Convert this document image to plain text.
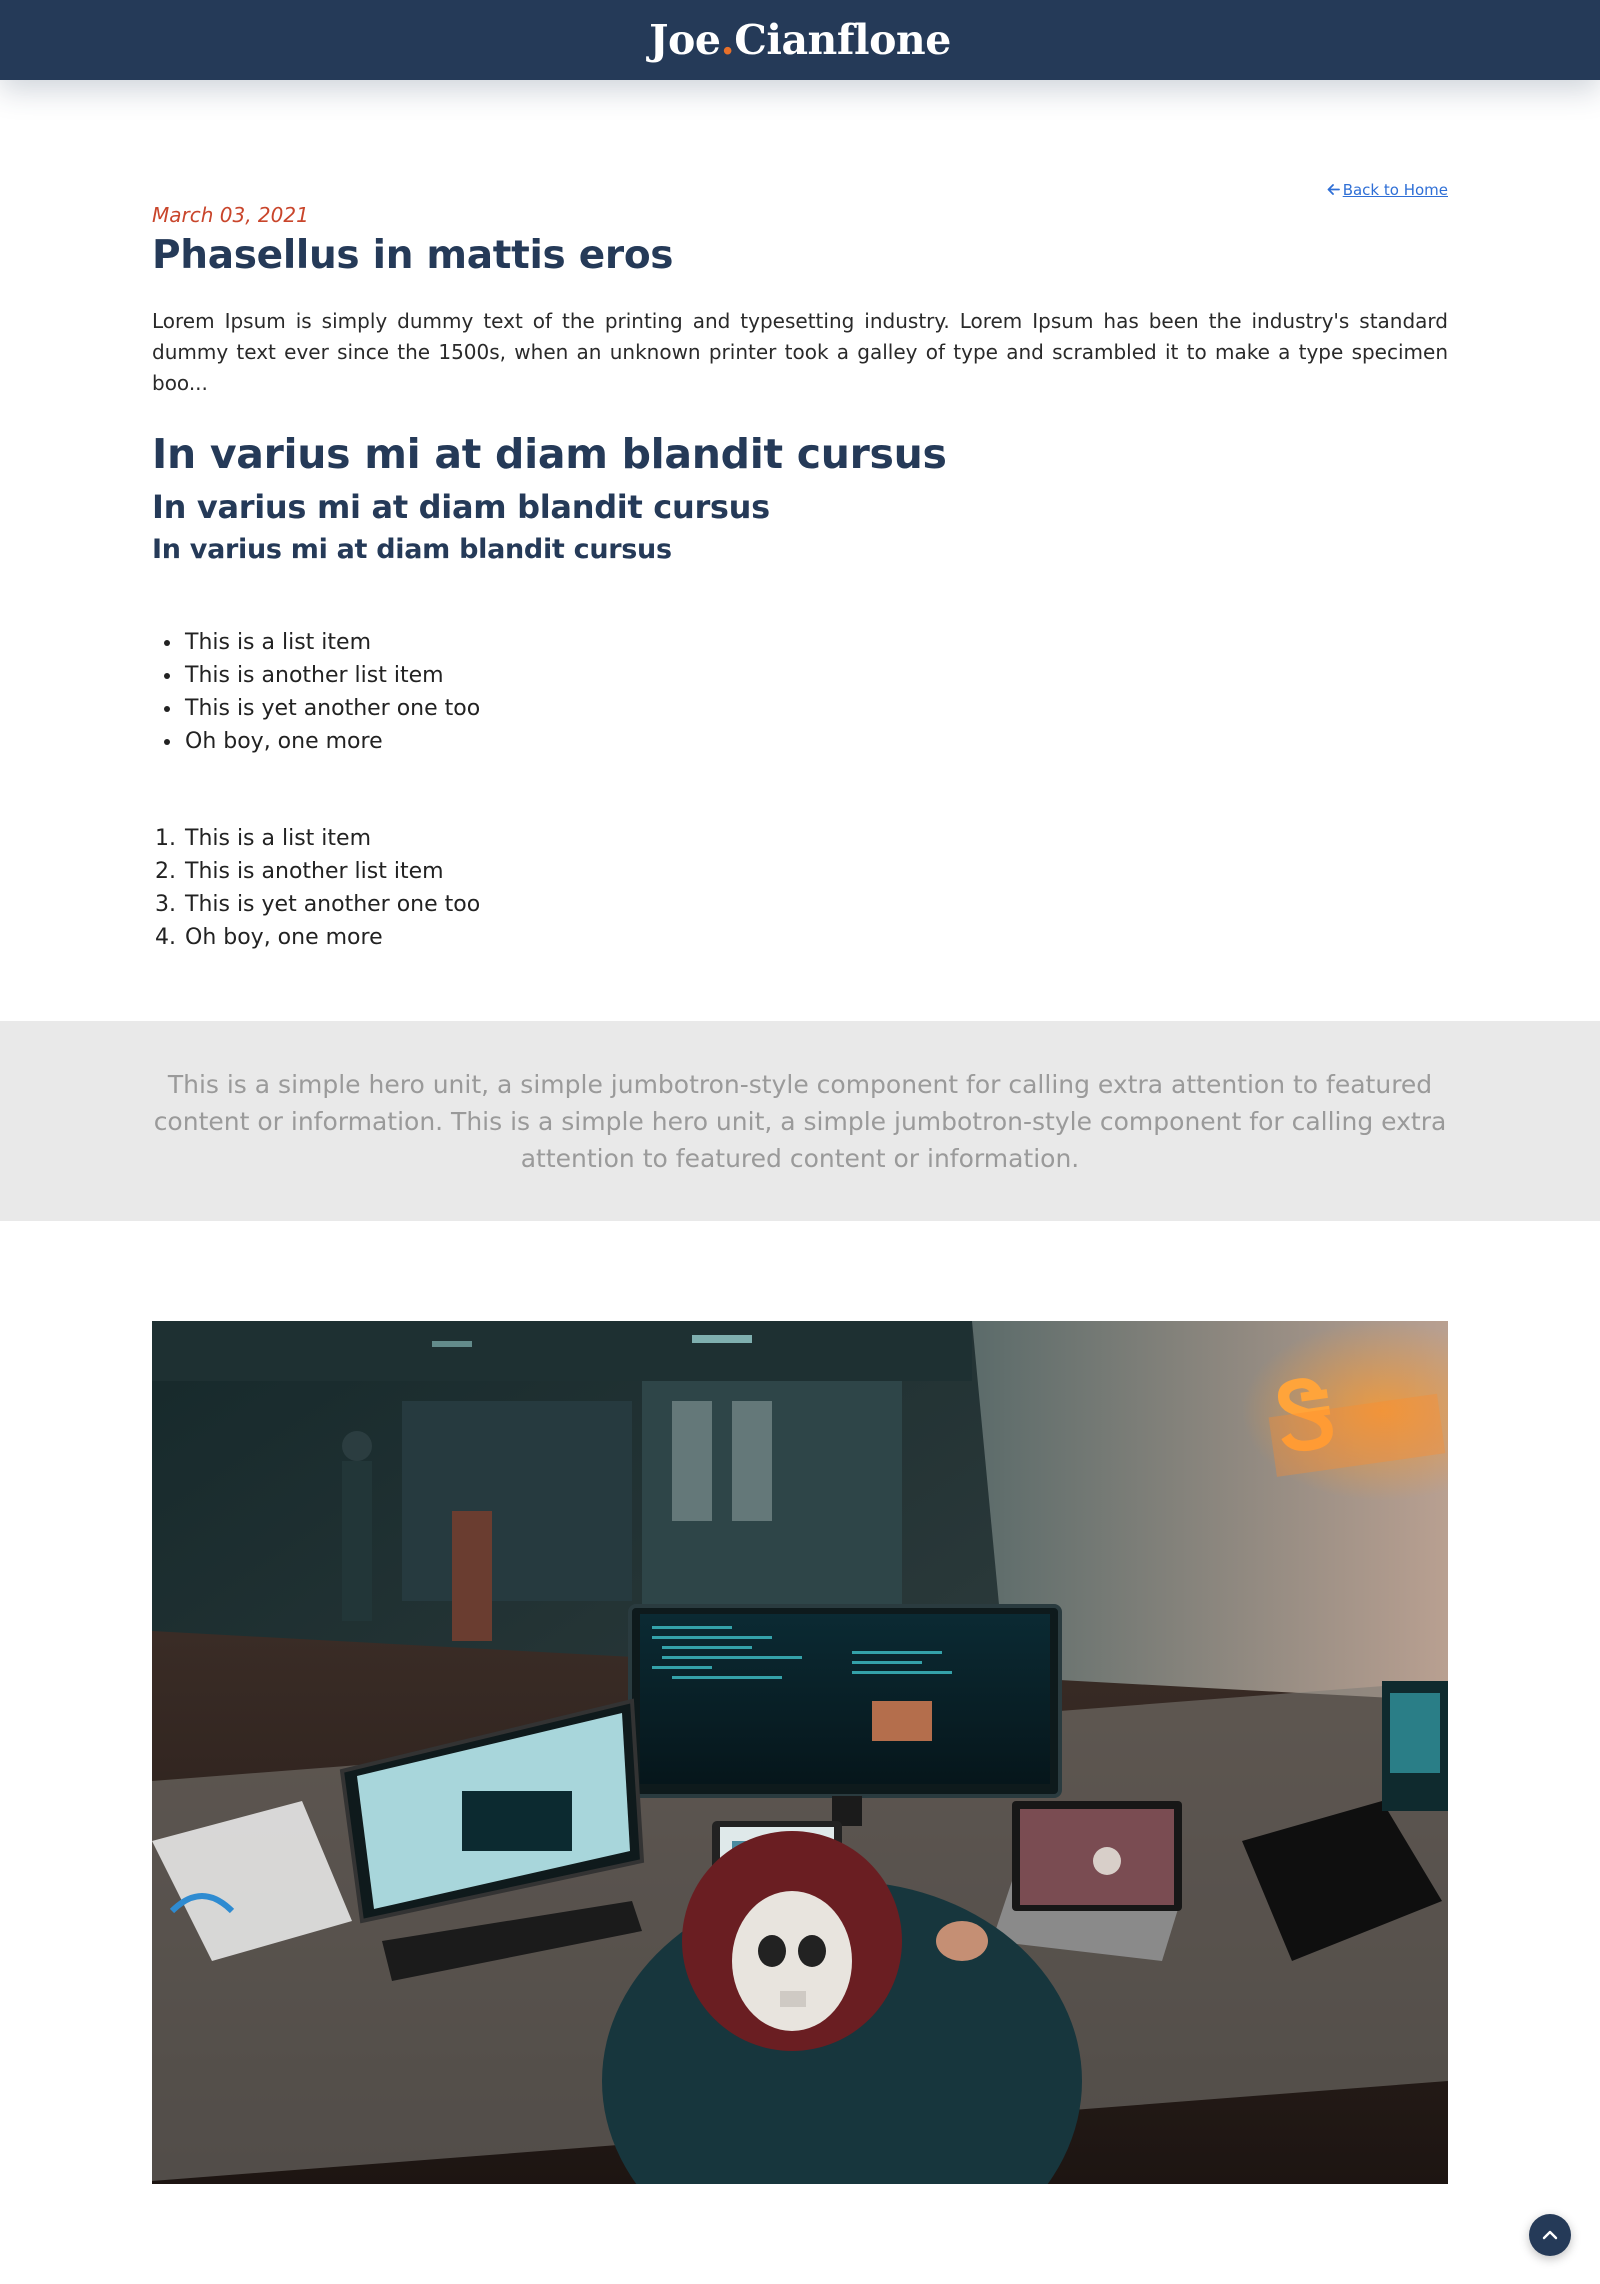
Joe.Cianflone
Back to Home
March 03, 2021
Phasellus in mattis eros

Lorem Ipsum is simply dummy text of the printing and typesetting industry. Lorem Ipsum has been the industry's standard dummy text ever since the 1500s, when an unknown printer took a galley of type and scrambled it to make a type specimen boo...

In varius mi at diam blandit cursus
In varius mi at diam blandit cursus
In varius mi at diam blandit cursus
• This is a list item
• This is another list item
• This is yet another one too
• Oh boy, one more
1. This is a list item
2. This is another list item
3. This is yet another one too
4. Oh boy, one more

This is a simple hero unit, a simple jumbotron-style component for calling extra attention to featured content or information. This is a simple hero unit, a simple jumbotron-style component for calling extra attention to featured content or information.

Ꮥ
